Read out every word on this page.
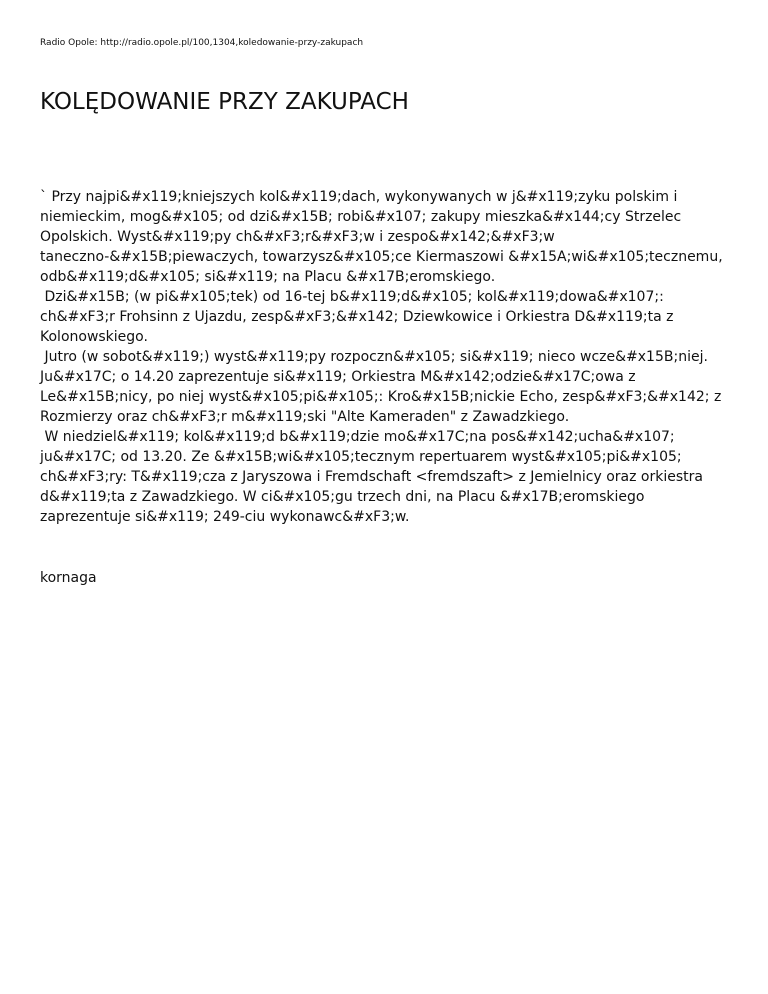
Radio Opole: http://radio.opole.pl/100,1304,koledowanie-przy-zakupach
KOLĘDOWANIE PRZY ZAKUPACH
` Przy najpi&#x119;kniejszych kol&#x119;dach, wykonywanych w j&#x119;zyku polskim i
niemieckim, mog&#x105; od dzi&#x15B; robi&#x107; zakupy mieszka&#x144;cy Strzelec
Opolskich. Wyst&#x119;py ch&#xF3;r&#xF3;w i zespo&#x142;&#xF3;w
taneczno-&#x15B;piewaczych, towarzysz&#x105;ce Kiermaszowi &#x15A;wi&#x105;tecznemu,
odb&#x119;d&#x105; si&#x119; na Placu &#x17B;eromskiego.
Dzi&#x15B; (w pi&#x105;tek) od 16-tej b&#x119;d&#x105; kol&#x119;dowa&#x107;:
ch&#xF3;r Frohsinn z Ujazdu, zesp&#xF3;&#x142; Dziewkowice i Orkiestra D&#x119;ta z
Kolonowskiego.
Jutro (w sobot&#x119;) wyst&#x119;py rozpoczn&#x105; si&#x119; nieco wcze&#x15B;niej.
Ju&#x17C; o 14.20 zaprezentuje si&#x119; Orkiestra M&#x142;odzie&#x17C;owa z
Le&#x15B;nicy, po niej wyst&#x105;pi&#x105;: Kro&#x15B;nickie Echo, zesp&#xF3;&#x142; z
Rozmierzy oraz ch&#xF3;r m&#x119;ski "Alte Kameraden" z Zawadzkiego.
W niedziel&#x119; kol&#x119;d b&#x119;dzie mo&#x17C;na pos&#x142;ucha&#x107;
ju&#x17C; od 13.20. Ze &#x15B;wi&#x105;tecznym repertuarem wyst&#x105;pi&#x105;
ch&#xF3;ry: T&#x119;cza z Jaryszowa i Fremdschaft <fremdszaft> z Jemielnicy oraz orkiestra
d&#x119;ta z Zawadzkiego. W ci&#x105;gu trzech dni, na Placu &#x17B;eromskiego
zaprezentuje si&#x119; 249-ciu wykonawc&#xF3;w.
kornaga
